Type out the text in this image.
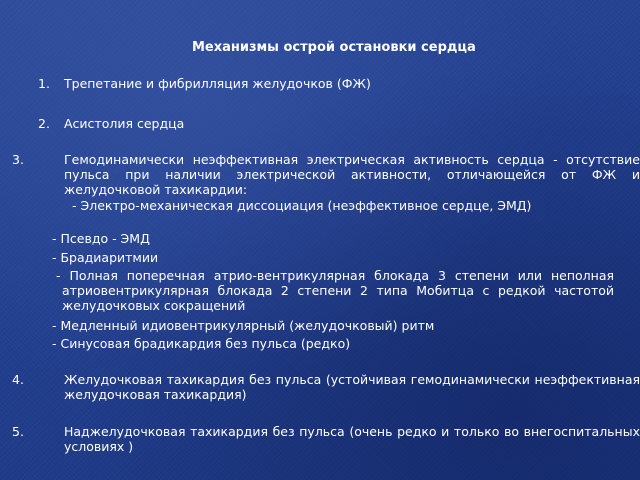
Механизмы острой остановки сердца
1. Трепетание и фибрилляция желудочков (ФЖ)
2. Асистолия сердца
3.	Гемодинамически неэффективная электрическая активность сердца - отсутствие пульса при наличии электрической активности, отличающейся от ФЖ и желудочковой тахикардии:
- Электро-механическая диссоциация (неэффективное сердце, ЭМД)
- Псевдо - ЭМД
- Брадиаритмии
- Полная поперечная атрио-вентрикулярная блокада 3 степени или неполная атриовентрикулярная блокада 2 степени 2 типа Мобитца с редкой частотой желудочковых сокращений
- Медленный идиовентрикулярный (желудочковый) ритм
- Синусовая брадикардия без пульса (редко)
4.	Желудочковая тахикардия без пульса (устойчивая гемодинамически неэффективная желудочковая тахикардия)
5.	Наджелудочковая тахикардия без пульса (очень редко и только во внегоспитальных условиях )
